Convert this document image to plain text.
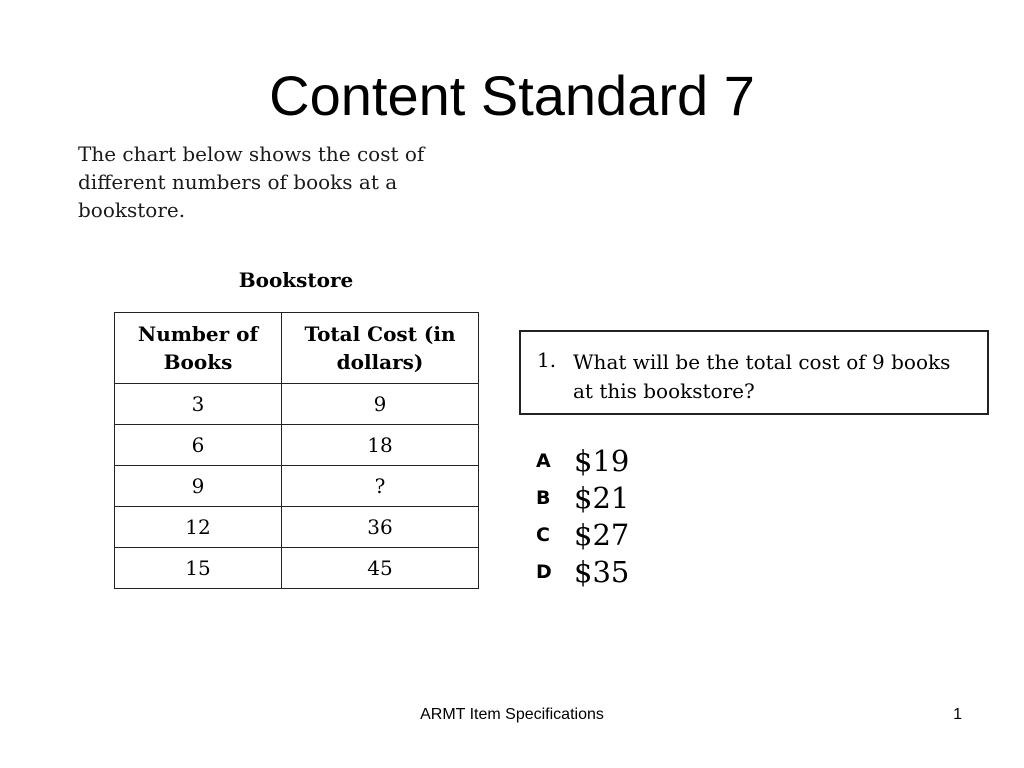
Content Standard 7
The chart below shows the cost of different numbers of books at a bookstore.
Bookstore
Number of Books	Total Cost (in dollars)
3	9
6	18
9	?
12	36
15	45
1. What will be the total cost of 9 books at this bookstore?
A $19
B $21
C $27
D $35
ARMT Item Specifications	1
